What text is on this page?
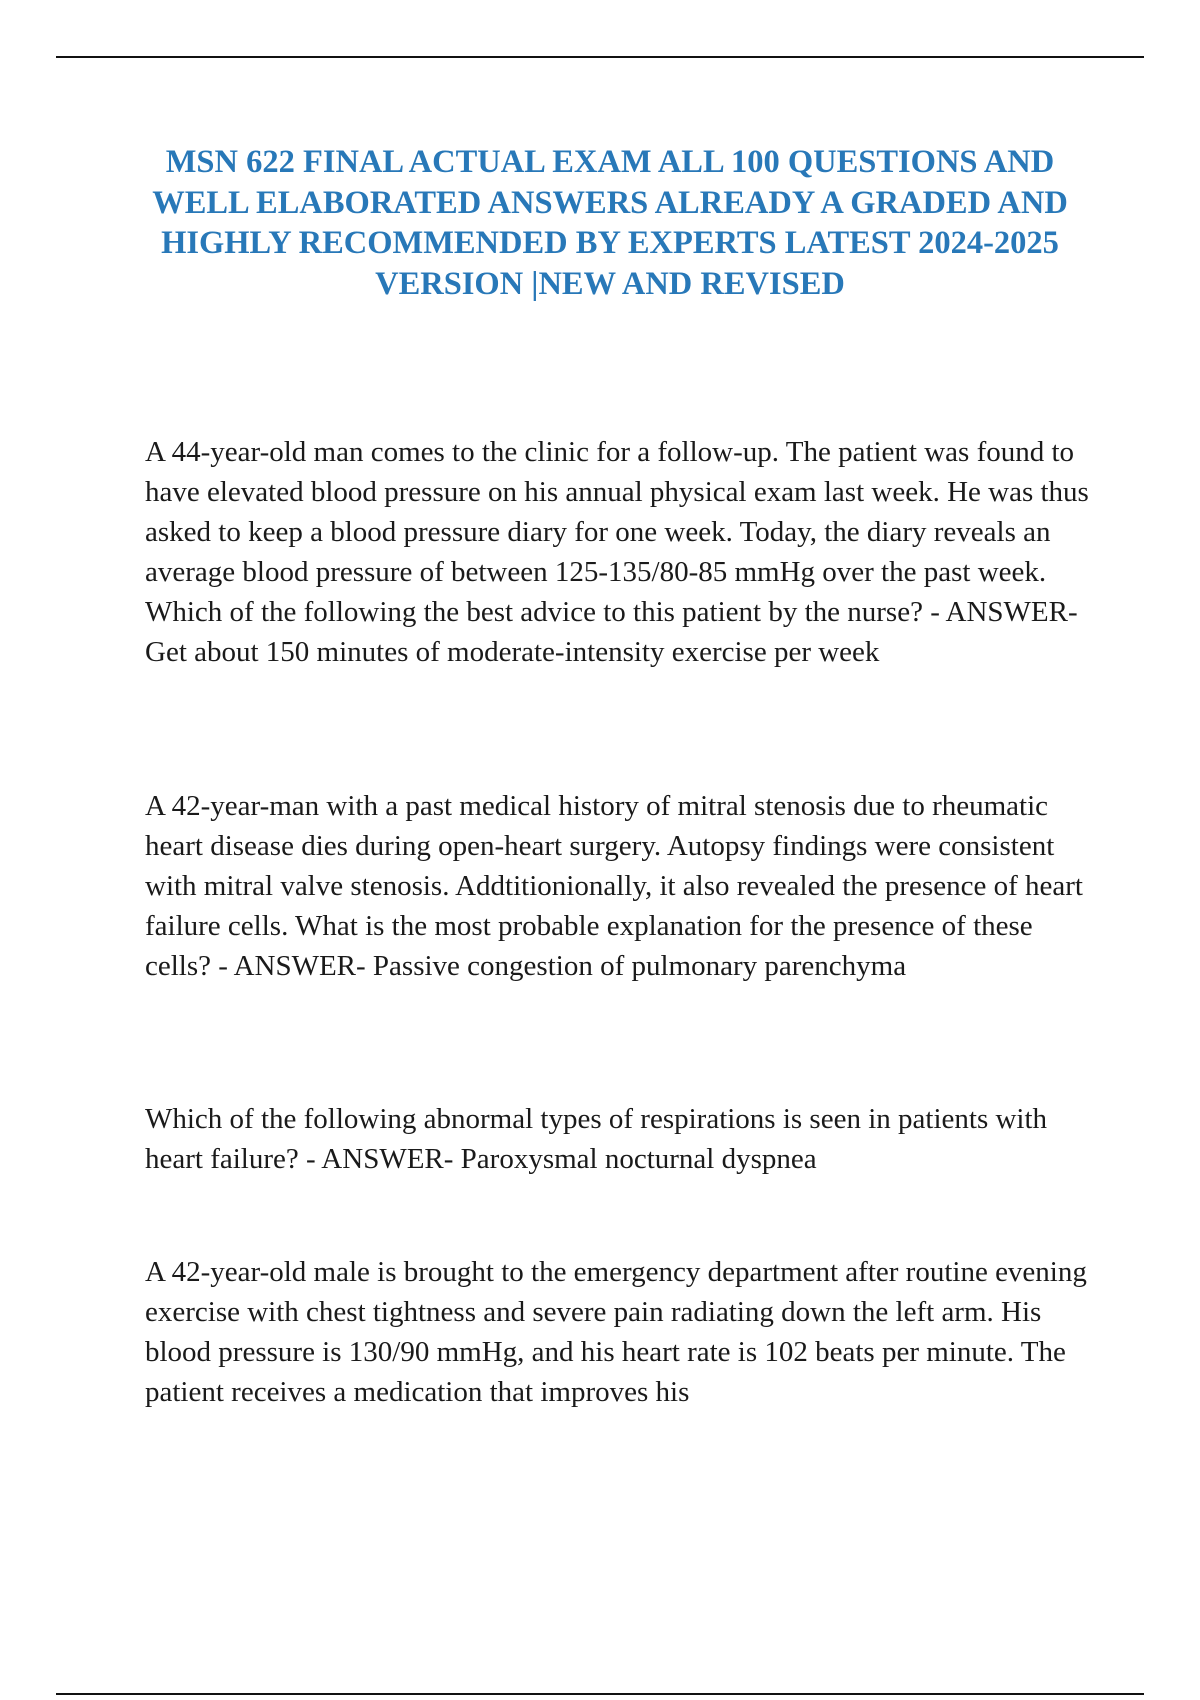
MSN 622 FINAL ACTUAL EXAM ALL 100 QUESTIONS AND WELL ELABORATED ANSWERS ALREADY A GRADED AND HIGHLY RECOMMENDED BY EXPERTS LATEST 2024-2025 VERSION |NEW AND REVISED

A 44-year-old man comes to the clinic for a follow-up. The patient was found to have elevated blood pressure on his annual physical exam last week. He was thus asked to keep a blood pressure diary for one week. Today, the diary reveals an average blood pressure of between 125-135/80-85 mmHg over the past week. Which of the following the best advice to this patient by the nurse? - ANSWER- Get about 150 minutes of moderate-intensity exercise per week

A 42-year-man with a past medical history of mitral stenosis due to rheumatic heart disease dies during open-heart surgery. Autopsy findings were consistent with mitral valve stenosis. Addtitionionally, it also revealed the presence of heart failure cells. What is the most probable explanation for the presence of these cells? - ANSWER- Passive congestion of pulmonary parenchyma

Which of the following abnormal types of respirations is seen in patients with heart failure? - ANSWER- Paroxysmal nocturnal dyspnea

A 42-year-old male is brought to the emergency department after routine evening exercise with chest tightness and severe pain radiating down the left arm. His blood pressure is 130/90 mmHg, and his heart rate is 102 beats per minute. The patient receives a medication that improves his
